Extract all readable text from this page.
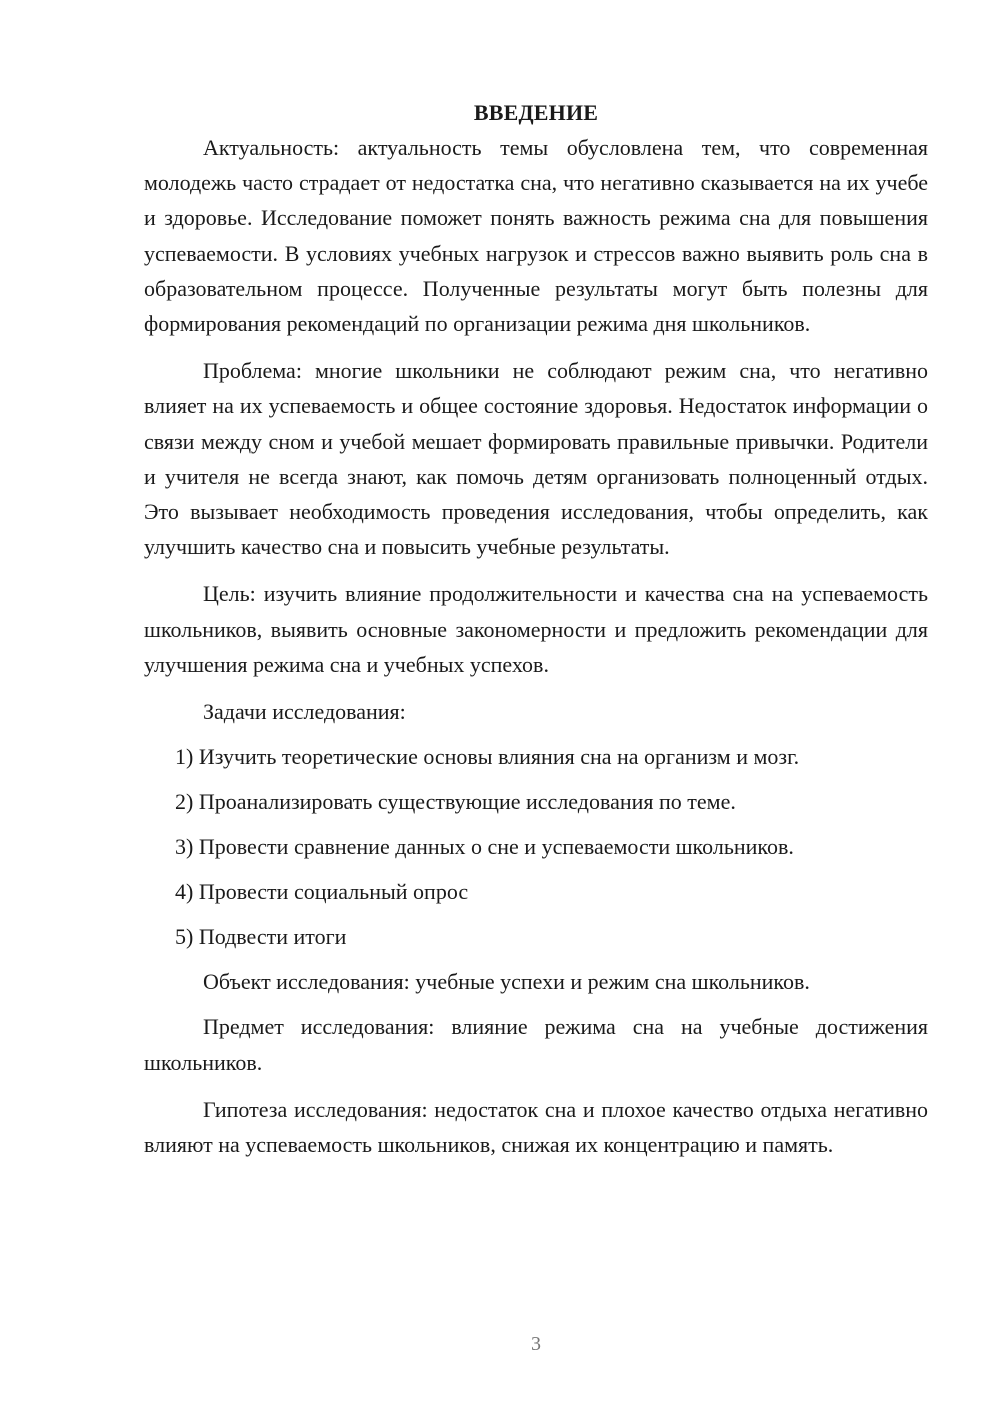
ВВЕДЕНИЕ

Актуальность: актуальность темы обусловлена тем, что современная молодежь часто страдает от недостатка сна, что негативно сказывается на их учебе и здоровье. Исследование поможет понять важность режима сна для повышения успеваемости. В условиях учебных нагрузок и стрессов важно выявить роль сна в образовательном процессе. Полученные результаты могут быть полезны для формирования рекомендаций по организации режима дня школьников.

Проблема: многие школьники не соблюдают режим сна, что негативно влияет на их успеваемость и общее состояние здоровья. Недостаток информации о связи между сном и учебой мешает формировать правильные привычки. Родители и учителя не всегда знают, как помочь детям организовать полноценный отдых. Это вызывает необходимость проведения исследования, чтобы определить, как улучшить качество сна и повысить учебные результаты.

Цель: изучить влияние продолжительности и качества сна на успеваемость школьников, выявить основные закономерности и предложить рекомендации для улучшения режима сна и учебных успехов.

Задачи исследования:

1) Изучить теоретические основы влияния сна на организм и мозг.
2) Проанализировать существующие исследования по теме.
3) Провести сравнение данных о сне и успеваемости школьников.
4) Провести социальный опрос
5) Подвести итоги

Объект исследования: учебные успехи и режим сна школьников.

Предмет исследования: влияние режима сна на учебные достижения школьников.

Гипотеза исследования: недостаток сна и плохое качество отдыха негативно влияют на успеваемость школьников, снижая их концентрацию и память.

3
